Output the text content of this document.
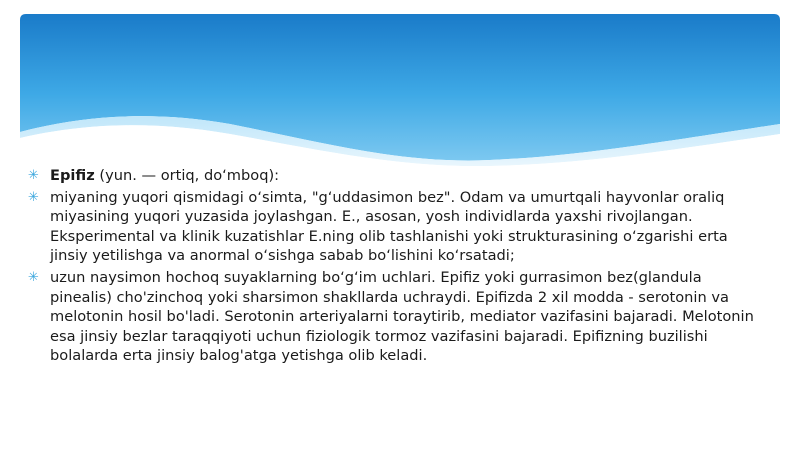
✳ Epifiz (yun. — ortiq, do‘mboq):
✳ miyaning yuqori qismidagi o‘simta, "g‘uddasimon bez". Odam va umurtqali hayvonlar oraliq miyasining yuqori yuzasida joylashgan. E., asosan, yosh individlarda yaxshi rivojlangan. Eksperimental va klinik kuzatishlar E.ning olib tashlanishi yoki strukturasining o‘zgarishi erta jinsiy yetilishga va anormal o‘sishga sabab bo‘lishini ko‘rsatadi;
✳ uzun naysimon hochoq suyaklarning bo‘g‘im uchlari. Epifiz yoki gurrasimon bez(glandula pinealis) cho'zinchoq yoki sharsimon shakllarda uchraydi. Epifizda 2 xil modda - serotonin va melotonin hosil bo'ladi. Serotonin arteriyalarni toraytirib, mediator vazifasini bajaradi. Melotonin esa jinsiy bezlar taraqqiyoti uchun fiziologik tormoz vazifasini bajaradi. Epifizning buzilishi bolalarda erta jinsiy balog'atga yetishga olib keladi.
